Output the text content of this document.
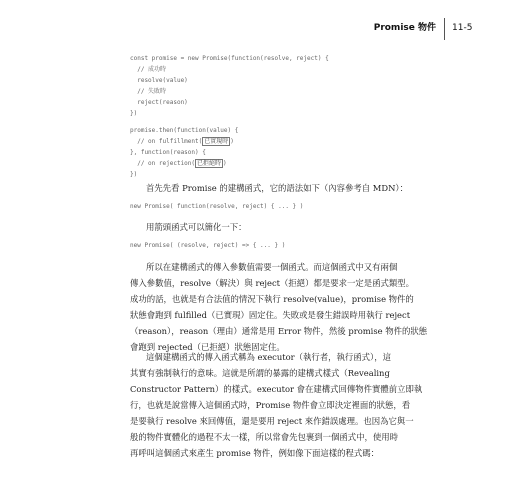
Promise 物件 11-5
const promise = new Promise(function(resolve, reject) {
// 成功時
resolve(value)
// 失敗時
reject(reason)
})
promise.then(function(value) {
// on fulfillment( 已實現時 )
}, function(reason) {
// on rejection( 已拒絕時 )
})
首先先看 Promise 的建構函式，它的語法如下（內容參考自 MDN）：
new Promise( function(resolve, reject) { ... } )
用箭頭函式可以簡化一下：
new Promise( (resolve, reject) => { ... } )
所以在建構函式的傳入參數值需要一個函式。而這個函式中又有兩個
傳入參數值，resolve（解決）與 reject（拒絕）都是要求一定是函式類型。
成功的話，也就是有合法值的情況下執行 resolve(value)，promise 物件的
狀態會跑到 fulfilled（已實現）固定住。失敗或是發生錯誤時用執行 reject
（reason），reason（理由）通常是用 Error 物件，然後 promise 物件的狀態
會跑到 rejected（已拒絕）狀態固定住。
這個建構函式的傳入函式稱為 executor（執行者，執行函式），這
其實有強制執行的意味。這就是所謂的暴露的建構式樣式（Revealing
Constructor Pattern）的樣式。executor 會在建構式回傳物件實體前立即執
行，也就是說當傳入這個函式時，Promise 物件會立即決定裡面的狀態，看
是要執行 resolve 來回傳值，還是要用 reject 來作錯誤處理。也因為它與一
般的物件實體化的過程不太一樣，所以常會先包裹到一個函式中，使用時
再呼叫這個函式來產生 promise 物件，例如像下面這樣的程式碼：
